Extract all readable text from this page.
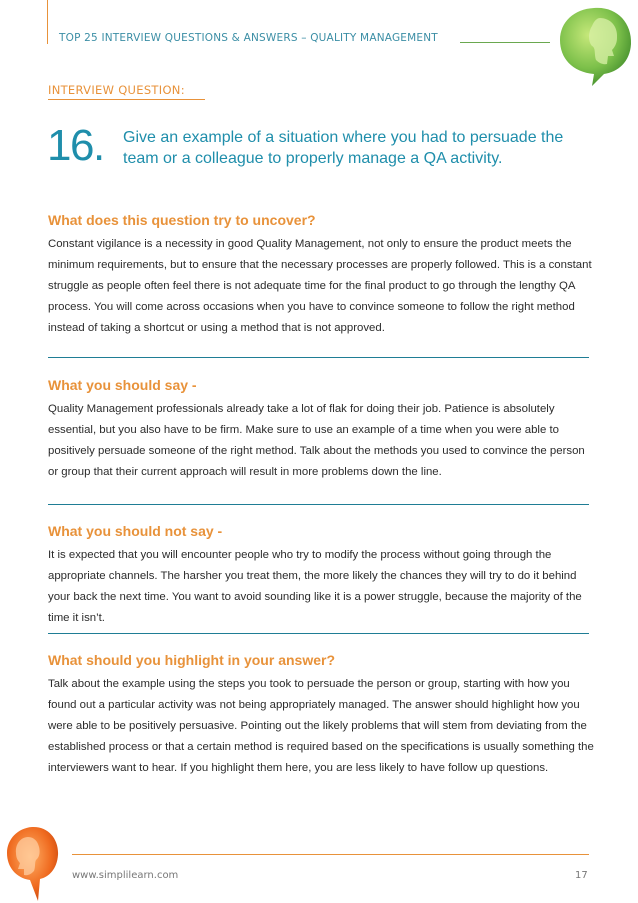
TOP 25 INTERVIEW QUESTIONS & ANSWERS – QUALITY MANAGEMENT
INTERVIEW QUESTION:
16. Give an example of a situation where you had to persuade the team or a colleague to properly manage a QA activity.
What does this question try to uncover?
Constant vigilance is a necessity in good Quality Management, not only to ensure the product meets the minimum requirements, but to ensure that the necessary processes are properly followed. This is a constant struggle as people often feel there is not adequate time for the final product to go through the lengthy QA process. You will come across occasions when you have to convince someone to follow the right method instead of taking a shortcut or using a method that is not approved.
What you should say -
Quality Management professionals already take a lot of flak for doing their job. Patience is absolutely essential, but you also have to be firm. Make sure to use an example of a time when you were able to positively persuade someone of the right method. Talk about the methods you used to convince the person or group that their current approach will result in more problems down the line.
What you should not say -
It is expected that you will encounter people who try to modify the process without going through the appropriate channels. The harsher you treat them, the more likely the chances they will try to do it behind your back the next time. You want to avoid sounding like it is a power struggle, because the majority of the time it isn’t.
What should you highlight in your answer?
Talk about the example using the steps you took to persuade the person or group, starting with how you found out a particular activity was not being appropriately managed. The answer should highlight how you were able to be positively persuasive. Pointing out the likely problems that will stem from deviating from the established process or that a certain method is required based on the specifications is usually something the interviewers want to hear. If you highlight them here, you are less likely to have follow up questions.
www.simplilearn.com	17
